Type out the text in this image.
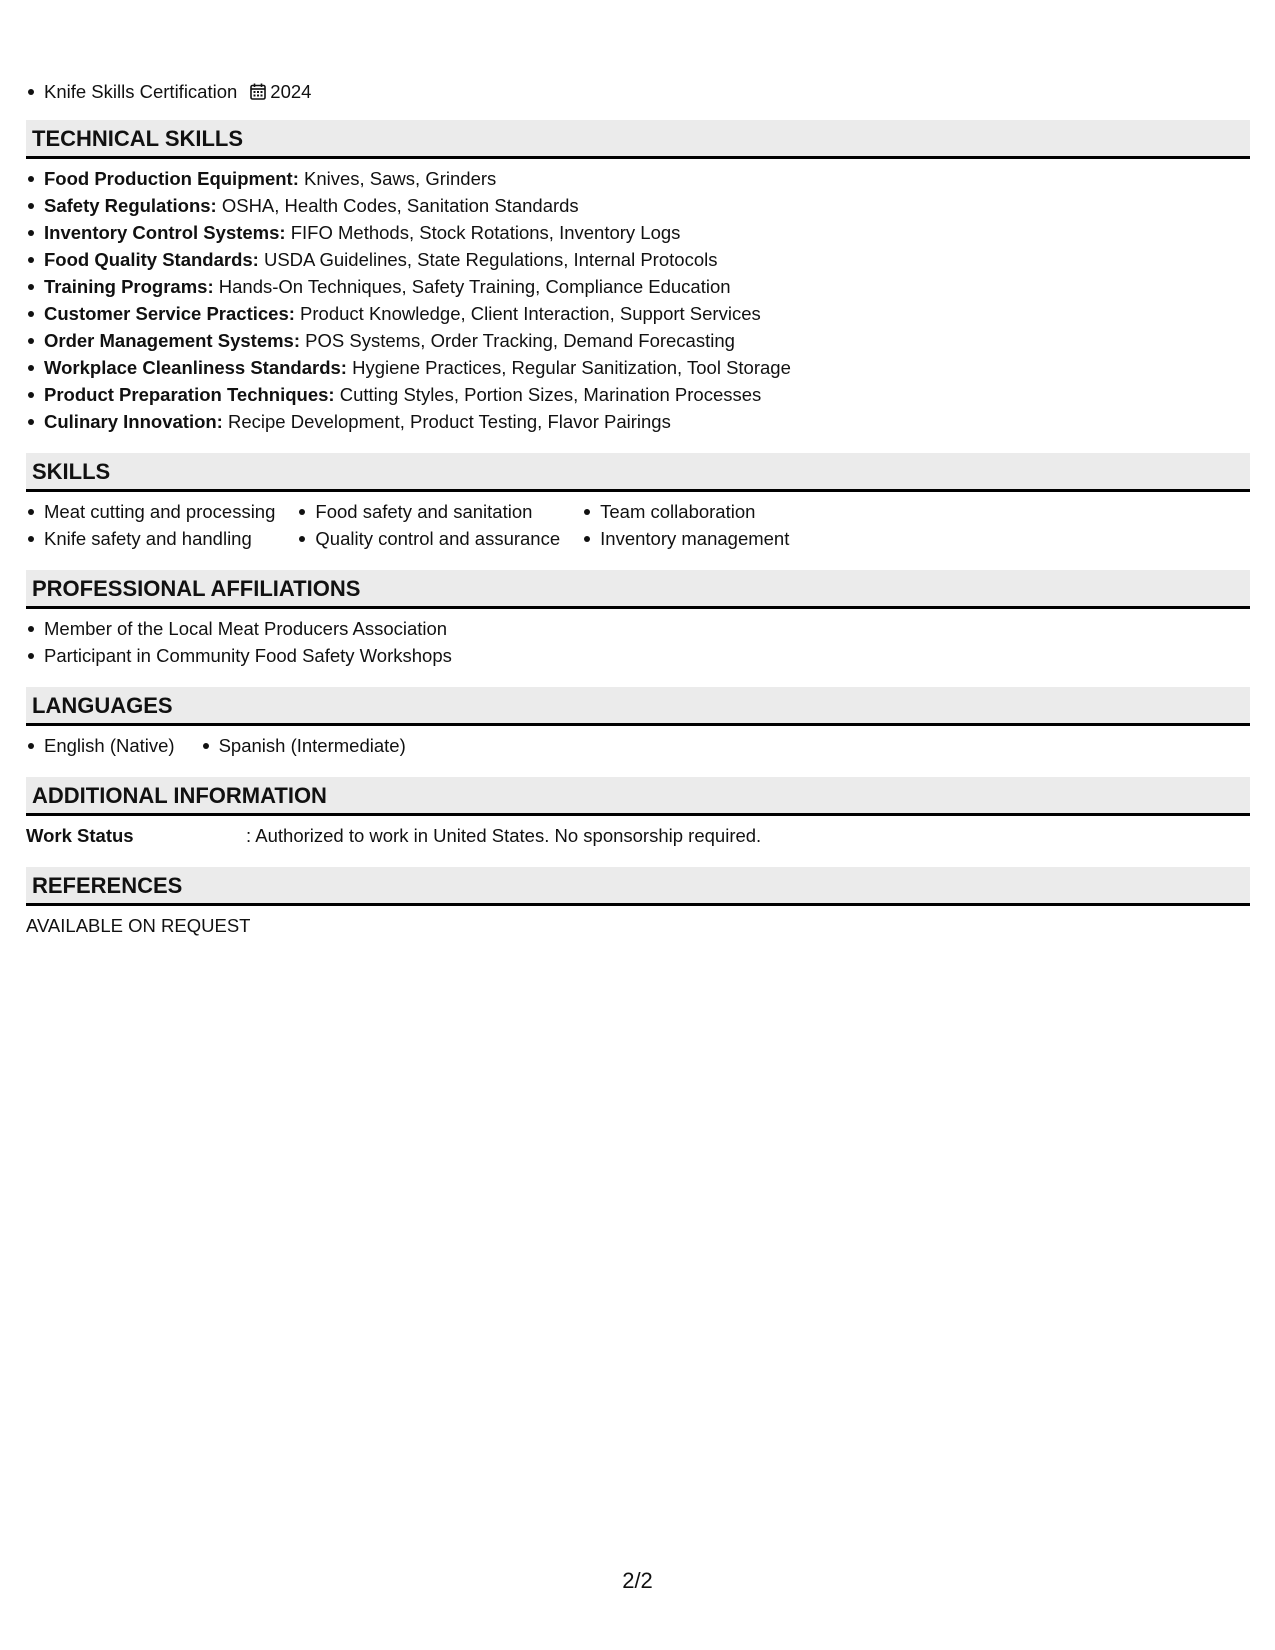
Knife Skills Certification 2024
TECHNICAL SKILLS
Food Production Equipment: Knives, Saws, Grinders
Safety Regulations: OSHA, Health Codes, Sanitation Standards
Inventory Control Systems: FIFO Methods, Stock Rotations, Inventory Logs
Food Quality Standards: USDA Guidelines, State Regulations, Internal Protocols
Training Programs: Hands-On Techniques, Safety Training, Compliance Education
Customer Service Practices: Product Knowledge, Client Interaction, Support Services
Order Management Systems: POS Systems, Order Tracking, Demand Forecasting
Workplace Cleanliness Standards: Hygiene Practices, Regular Sanitization, Tool Storage
Product Preparation Techniques: Cutting Styles, Portion Sizes, Marination Processes
Culinary Innovation: Recipe Development, Product Testing, Flavor Pairings
SKILLS
Meat cutting and processing
Knife safety and handling
Food safety and sanitation
Quality control and assurance
Team collaboration
Inventory management
PROFESSIONAL AFFILIATIONS
Member of the Local Meat Producers Association
Participant in Community Food Safety Workshops
LANGUAGES
English (Native)	Spanish (Intermediate)
ADDITIONAL INFORMATION
Work Status	: Authorized to work in United States. No sponsorship required.
REFERENCES
AVAILABLE ON REQUEST
2/2
